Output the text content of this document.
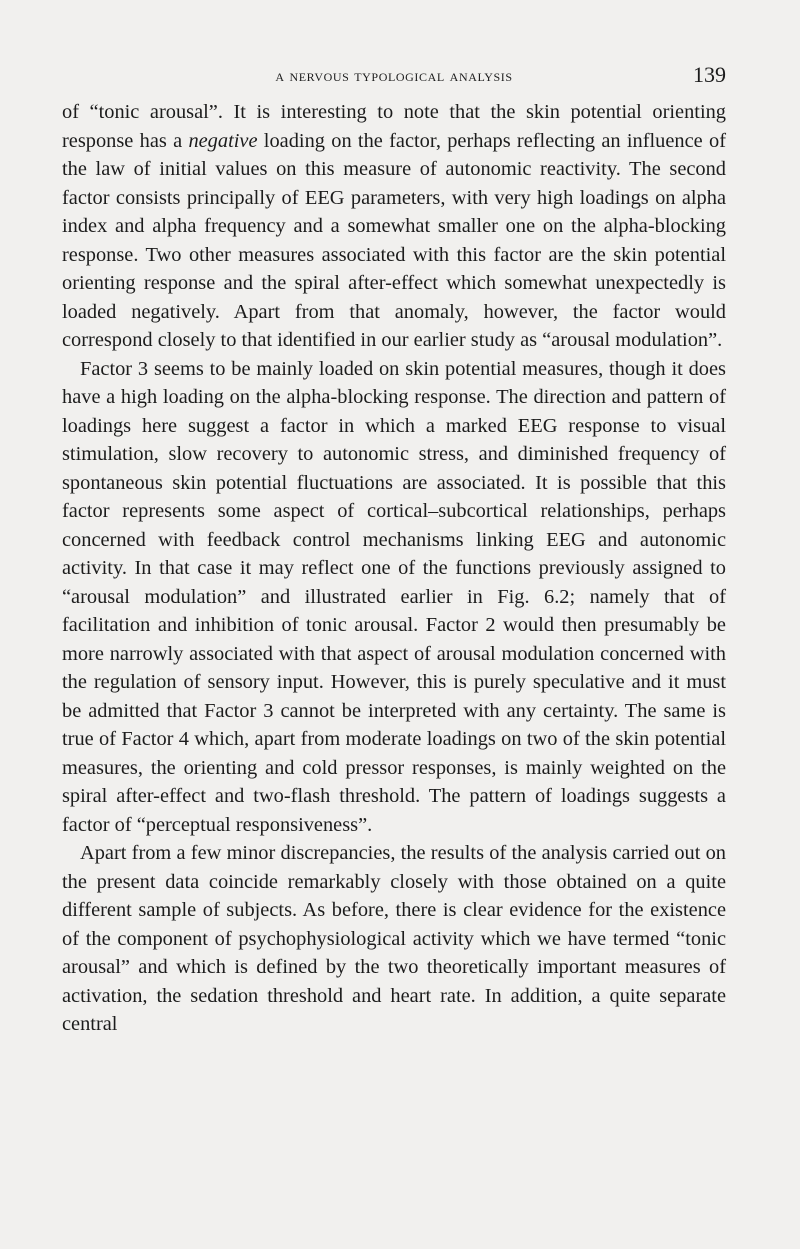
a nervous typological analysis	139

of “tonic arousal”. It is interesting to note that the skin potential orienting response has a negative loading on the factor, perhaps reflecting an influence of the law of initial values on this measure of autonomic reactivity. The second factor consists principally of EEG parameters, with very high loadings on alpha index and alpha frequency and a somewhat smaller one on the alpha-blocking response. Two other measures associated with this factor are the skin potential orienting response and the spiral after-effect which somewhat unexpectedly is loaded negatively. Apart from that anomaly, however, the factor would correspond closely to that identified in our earlier study as “arousal modulation”.

Factor 3 seems to be mainly loaded on skin potential measures, though it does have a high loading on the alpha-blocking response. The direction and pattern of loadings here suggest a factor in which a marked EEG response to visual stimulation, slow recovery to autonomic stress, and diminished frequency of spontaneous skin potential fluctuations are associated. It is possible that this factor represents some aspect of cortical–subcortical relationships, perhaps concerned with feedback control mechanisms linking EEG and autonomic activity. In that case it may reflect one of the functions previously assigned to “arousal modulation” and illustrated earlier in Fig. 6.2; namely that of facilitation and inhibition of tonic arousal. Factor 2 would then presumably be more narrowly associated with that aspect of arousal modulation concerned with the regulation of sensory input. However, this is purely speculative and it must be admitted that Factor 3 cannot be interpreted with any certainty. The same is true of Factor 4 which, apart from moderate loadings on two of the skin potential measures, the orienting and cold pressor responses, is mainly weighted on the spiral after-effect and two-flash threshold. The pattern of loadings suggests a factor of “perceptual responsiveness”.

Apart from a few minor discrepancies, the results of the analysis carried out on the present data coincide remarkably closely with those obtained on a quite different sample of subjects. As before, there is clear evidence for the existence of the component of psychophysiological activity which we have termed “tonic arousal” and which is defined by the two theoretically important measures of activation, the sedation threshold and heart rate. In addition, a quite separate central
